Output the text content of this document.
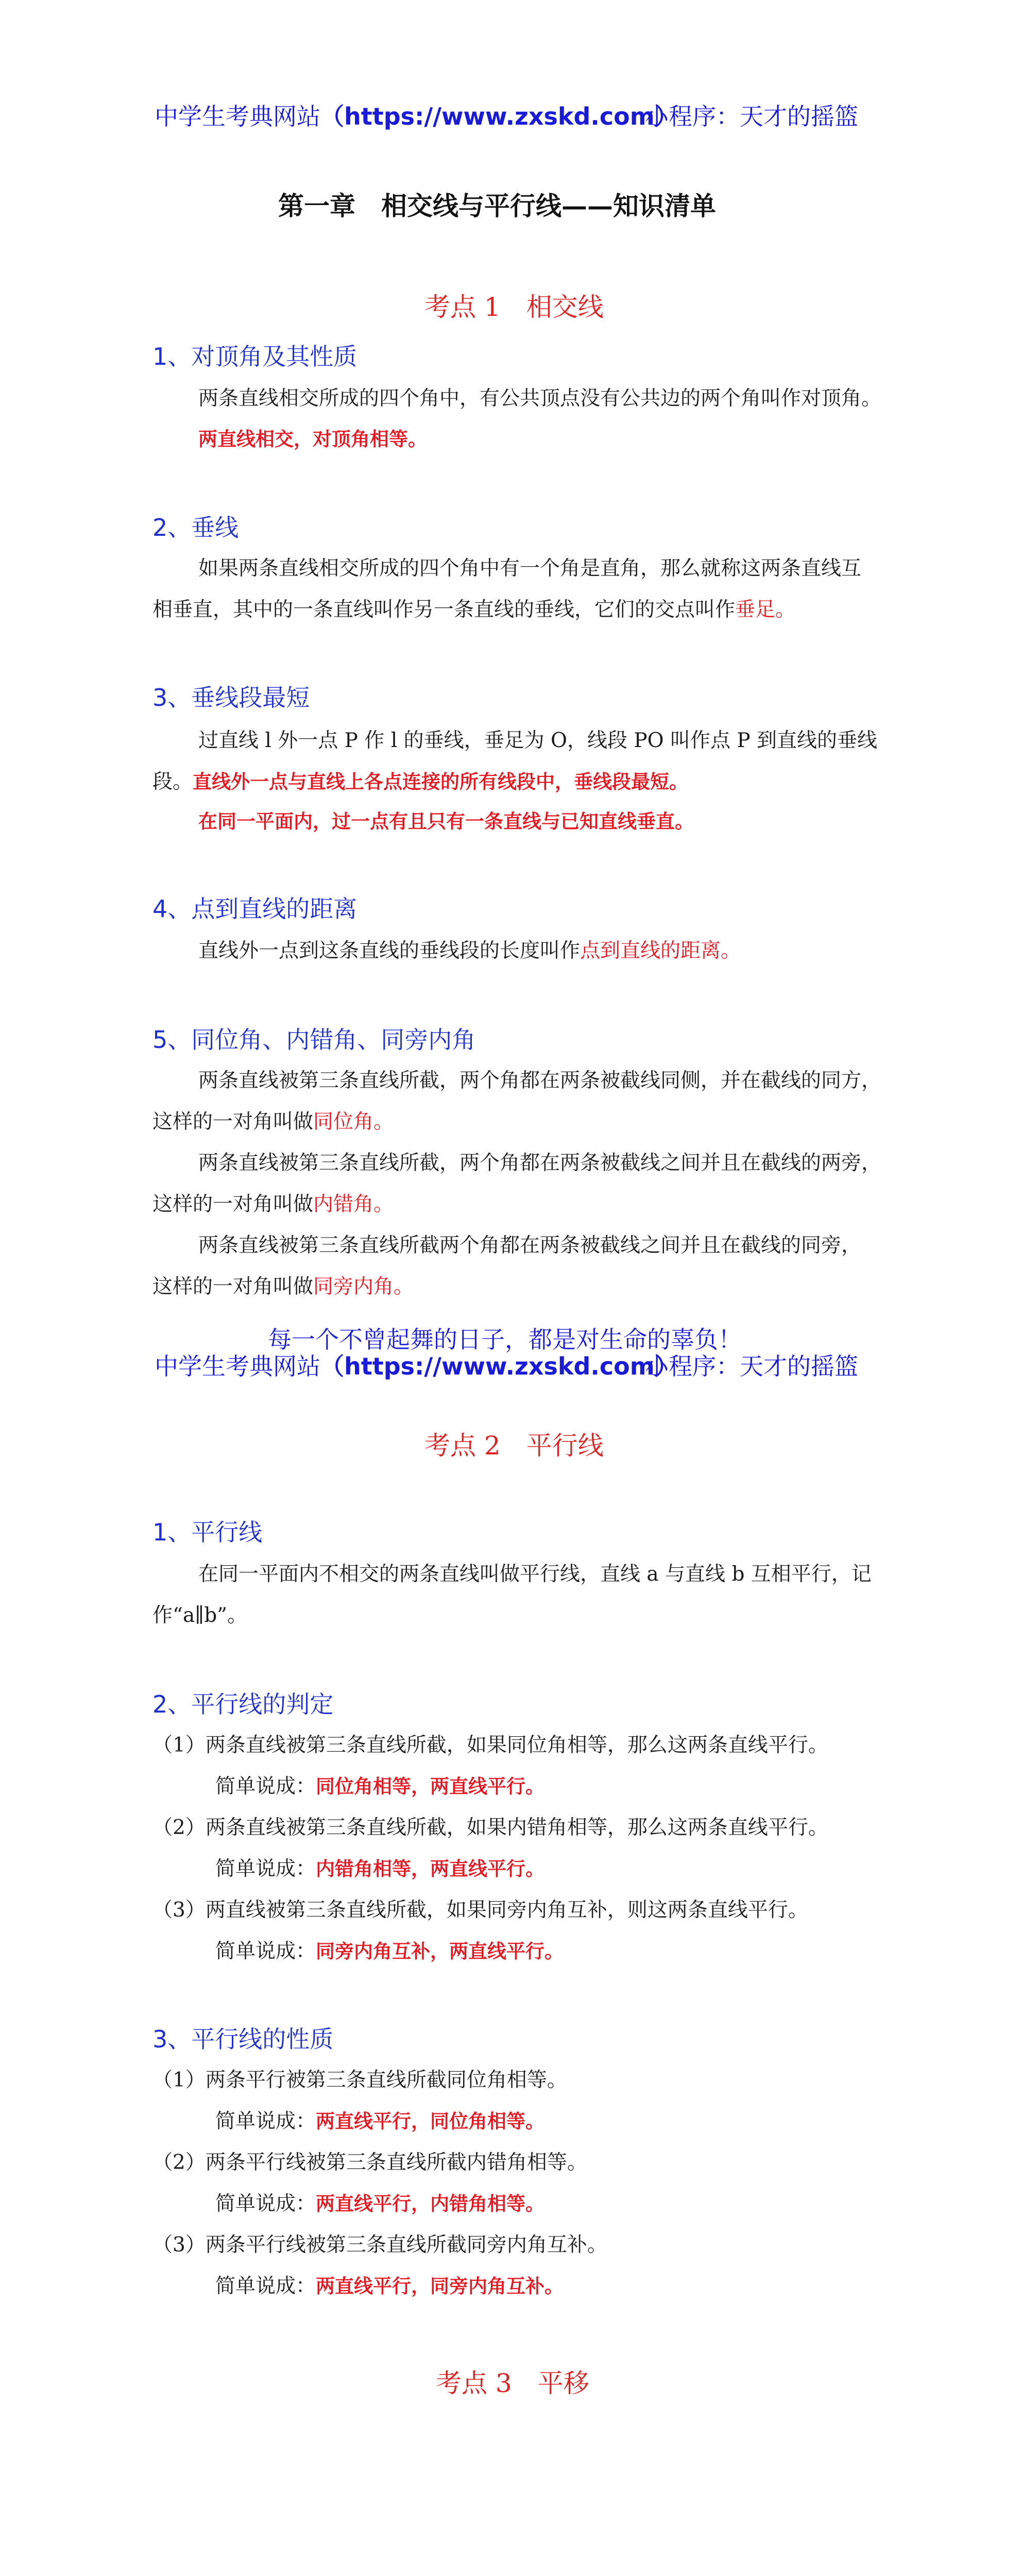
中学生考典网站（https://www.zxskd.com）
小程序：天才的摇篮
第一章　相交线与平行线——知识清单
考点 1　相交线
1、对顶角及其性质
两条直线相交所成的四个角中，有公共顶点没有公共边的两个角叫作对顶角。
两直线相交，对顶角相等。
2、垂线
如果两条直线相交所成的四个角中有一个角是直角，那么就称这两条直线互
相垂直，其中的一条直线叫作另一条直线的垂线，它们的交点叫作垂足。
3、垂线段最短
过直线 l 外一点 P 作 l 的垂线，垂足为 O，线段 PO 叫作点 P 到直线的垂线
段。直线外一点与直线上各点连接的所有线段中，垂线段最短。
在同一平面内，过一点有且只有一条直线与已知直线垂直。
4、点到直线的距离
直线外一点到这条直线的垂线段的长度叫作点到直线的距离。
5、同位角、内错角、同旁内角
两条直线被第三条直线所截，两个角都在两条被截线同侧，并在截线的同方，
这样的一对角叫做同位角。
两条直线被第三条直线所截，两个角都在两条被截线之间并且在截线的两旁，
这样的一对角叫做内错角。
两条直线被第三条直线所截两个角都在两条被截线之间并且在截线的同旁，
这样的一对角叫做同旁内角。
每一个不曾起舞的日子，都是对生命的辜负！
中学生考典网站（https://www.zxskd.com）
小程序：天才的摇篮
考点 2　平行线
1、平行线
在同一平面内不相交的两条直线叫做平行线，直线 a 与直线 b 互相平行，记
作“a∥b”。
2、平行线的判定
（1）两条直线被第三条直线所截，如果同位角相等，那么这两条直线平行。
简单说成：同位角相等，两直线平行。
（2）两条直线被第三条直线所截，如果内错角相等，那么这两条直线平行。
简单说成：内错角相等，两直线平行。
（3）两直线被第三条直线所截，如果同旁内角互补，则这两条直线平行。
简单说成：同旁内角互补，两直线平行。
3、平行线的性质
（1）两条平行被第三条直线所截同位角相等。
简单说成：两直线平行，同位角相等。
（2）两条平行线被第三条直线所截内错角相等。
简单说成：两直线平行，内错角相等。
（3）两条平行线被第三条直线所截同旁内角互补。
简单说成：两直线平行，同旁内角互补。
考点 3　平移
